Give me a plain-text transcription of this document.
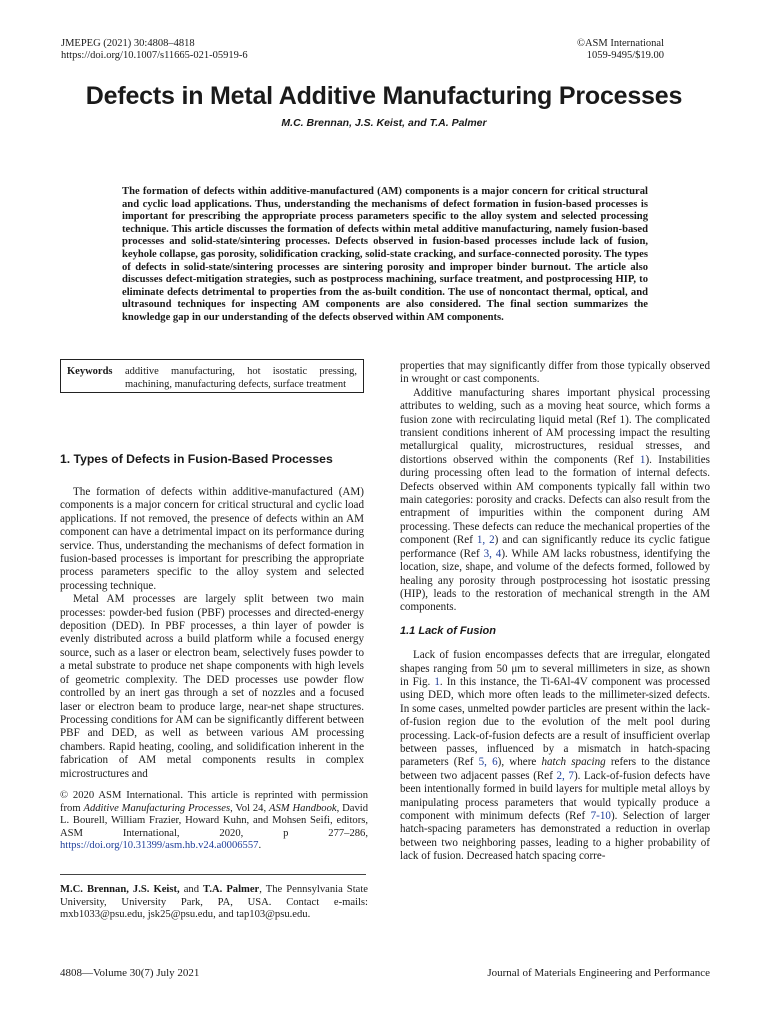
JMEPEG (2021) 30:4808–4818
https://doi.org/10.1007/s11665-021-05919-6
©ASM International
1059-9495/$19.00
Defects in Metal Additive Manufacturing Processes
M.C. Brennan, J.S. Keist, and T.A. Palmer
The formation of defects within additive-manufactured (AM) components is a major concern for critical structural and cyclic load applications. Thus, understanding the mechanisms of defect formation in fusion-based processes is important for prescribing the appropriate process parameters specific to the alloy system and selected processing technique. This article discusses the formation of defects within metal additive manufacturing, namely fusion-based processes and solid-state/sintering processes. Defects observed in fusion-based processes include lack of fusion, keyhole collapse, gas porosity, solidification cracking, solid-state cracking, and surface-connected porosity. The types of defects in solid-state/sintering processes are sintering porosity and improper binder burnout. The article also discusses defect-mitigation strategies, such as postprocess machining, surface treatment, and postprocessing HIP, to eliminate defects detrimental to properties from the as-built condition. The use of noncontact thermal, optical, and ultrasound techniques for inspecting AM components are also considered. The final section summarizes the knowledge gap in our understanding of the defects observed within AM components.
Keywords	additive manufacturing, hot isostatic pressing, machining, manufacturing defects, surface treatment
1. Types of Defects in Fusion-Based Processes

The formation of defects within additive-manufactured (AM) components is a major concern for critical structural and cyclic load applications. If not removed, the presence of defects within an AM component can have a detrimental impact on its performance during service. Thus, understanding the mechanisms of defect formation in fusion-based processes is important for prescribing the appropriate process parameters specific to the alloy system and selected processing technique.

Metal AM processes are largely split between two main processes: powder-bed fusion (PBF) processes and directed-energy deposition (DED). In PBF processes, a thin layer of powder is evenly distributed across a build platform while a focused energy source, such as a laser or electron beam, selectively fuses powder to a metal substrate to produce net shape components with high levels of geometric complexity. The DED processes use powder flow controlled by an inert gas through a set of nozzles and a focused laser or electron beam to produce large, near-net shape structures. Processing conditions for AM can be significantly different between PBF and DED, as well as between various AM processing chambers. Rapid heating, cooling, and solidification inherent in the fabrication of AM metal components results in complex microstructures and

© 2020 ASM International. This article is reprinted with permission from Additive Manufacturing Processes, Vol 24, ASM Handbook, David L. Bourell, William Frazier, Howard Kuhn, and Mohsen Seifi, editors, ASM International, 2020, p 277–286, https://doi.org/10.31399/asm.hb.v24.a0006557.

M.C. Brennan, J.S. Keist, and T.A. Palmer, The Pennsylvania State University, University Park, PA, USA. Contact e-mails: mxb1033@psu.edu, jsk25@psu.edu, and tap103@psu.edu.

properties that may significantly differ from those typically observed in wrought or cast components.

Additive manufacturing shares important physical processing attributes to welding, such as a moving heat source, which forms a fusion zone with recirculating liquid metal (Ref 1). The complicated transient conditions inherent of AM processing impact the resulting metallurgical quality, microstructures, residual stresses, and distortions observed within the components (Ref 1). Instabilities during processing often lead to the formation of internal defects. Defects observed within AM components typically fall within two main categories: porosity and cracks. Defects can also result from the entrapment of impurities within the component during AM processing. These defects can reduce the mechanical properties of the component (Ref 1, 2) and can significantly reduce its cyclic fatigue performance (Ref 3, 4). While AM lacks robustness, identifying the location, size, shape, and volume of the defects formed, followed by healing any porosity through postprocessing hot isostatic pressing (HIP), leads to the restoration of mechanical strength in the AM components.

1.1 Lack of Fusion

Lack of fusion encompasses defects that are irregular, elongated shapes ranging from 50 μm to several millimeters in size, as shown in Fig. 1. In this instance, the Ti-6Al-4V component was processed using DED, which more often leads to the millimeter-sized defects. In some cases, unmelted powder particles are present within the lack-of-fusion region due to the evolution of the melt pool during processing. Lack-of-fusion defects are a result of insufficient overlap between passes, influenced by a mismatch in hatch-spacing parameters (Ref 5, 6), where hatch spacing refers to the distance between two adjacent passes (Ref 2, 7). Lack-of-fusion defects have been intentionally formed in build layers for multiple metal alloys by manipulating process parameters that would typically produce a component with minimum defects (Ref 7-10). Selection of larger hatch-spacing parameters has demonstrated a reduction in overlap between two neighboring passes, leading to a higher probability of lack of fusion. Decreased hatch spacing corre-

4808—Volume 30(7) July 2021	Journal of Materials Engineering and Performance
